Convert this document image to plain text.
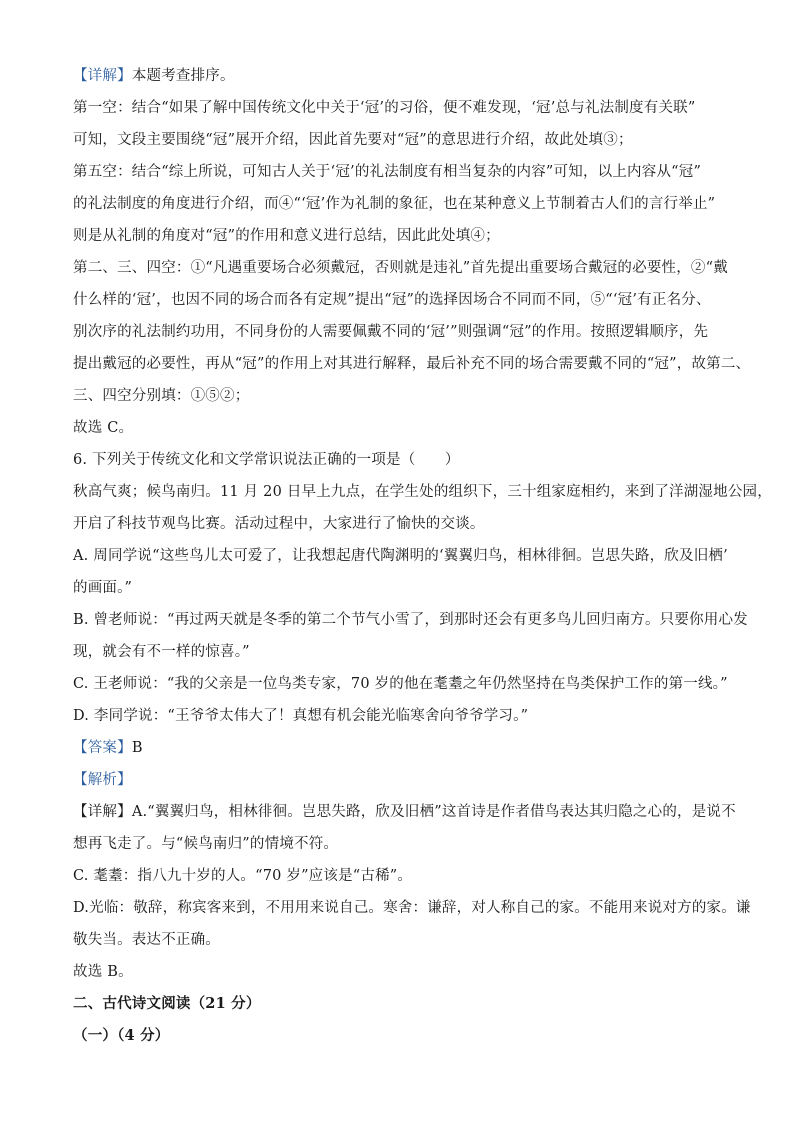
【详解】本题考查排序。
第一空：结合“如果了解中国传统文化中关于‘冠’的习俗，便不难发现，‘冠’总与礼法制度有关联”
可知，文段主要围绕“冠”展开介绍，因此首先要对“冠”的意思进行介绍，故此处填③；
第五空：结合“综上所说，可知古人关于‘冠’的礼法制度有相当复杂的内容”可知，以上内容从“冠”
的礼法制度的角度进行介绍，而④“‘冠’作为礼制的象征，也在某种意义上节制着古人们的言行举止”
则是从礼制的角度对“冠”的作用和意义进行总结，因此此处填④；
第二、三、四空：①“凡遇重要场合必须戴冠，否则就是违礼”首先提出重要场合戴冠的必要性，②“戴
什么样的‘冠’，也因不同的场合而各有定规”提出“冠”的选择因场合不同而不同，⑤“‘冠’有正名分、
别次序的礼法制约功用，不同身份的人需要佩戴不同的‘冠’”则强调“冠”的作用。按照逻辑顺序，先
提出戴冠的必要性，再从“冠”的作用上对其进行解释，最后补充不同的场合需要戴不同的“冠”，故第二、
三、四空分别填：①⑤②；
故选 C。
6. 下列关于传统文化和文学常识说法正确的一项是（　　）
秋高气爽；候鸟南归。11 月 20 日早上九点，在学生处的组织下，三十组家庭相约，来到了洋湖湿地公园，
开启了科技节观鸟比赛。活动过程中，大家进行了愉快的交谈。
A. 周同学说“这些鸟儿太可爱了，让我想起唐代陶渊明的‘翼翼归鸟，相林徘徊。岂思失路，欣及旧栖’
的画面。”
B. 曾老师说：“再过两天就是冬季的第二个节气小雪了，到那时还会有更多鸟儿回归南方。只要你用心发
现，就会有不一样的惊喜。”
C. 王老师说：“我的父亲是一位鸟类专家，70 岁的他在耄耋之年仍然坚持在鸟类保护工作的第一线。”
D. 李同学说：“王爷爷太伟大了！真想有机会能光临寒舍向爷爷学习。”
【答案】B
【解析】
【详解】A.“翼翼归鸟，相林徘徊。岂思失路，欣及旧栖”这首诗是作者借鸟表达其归隐之心的，是说不
想再飞走了。与“候鸟南归”的情境不符。
C. 耄耋：指八九十岁的人。“70 岁”应该是“古稀”。
D.光临：敬辞，称宾客来到，不用用来说自己。寒舍：谦辞，对人称自己的家。不能用来说对方的家。谦
敬失当。表达不正确。
故选 B。
二、古代诗文阅读（21 分）
（一）（4 分）
